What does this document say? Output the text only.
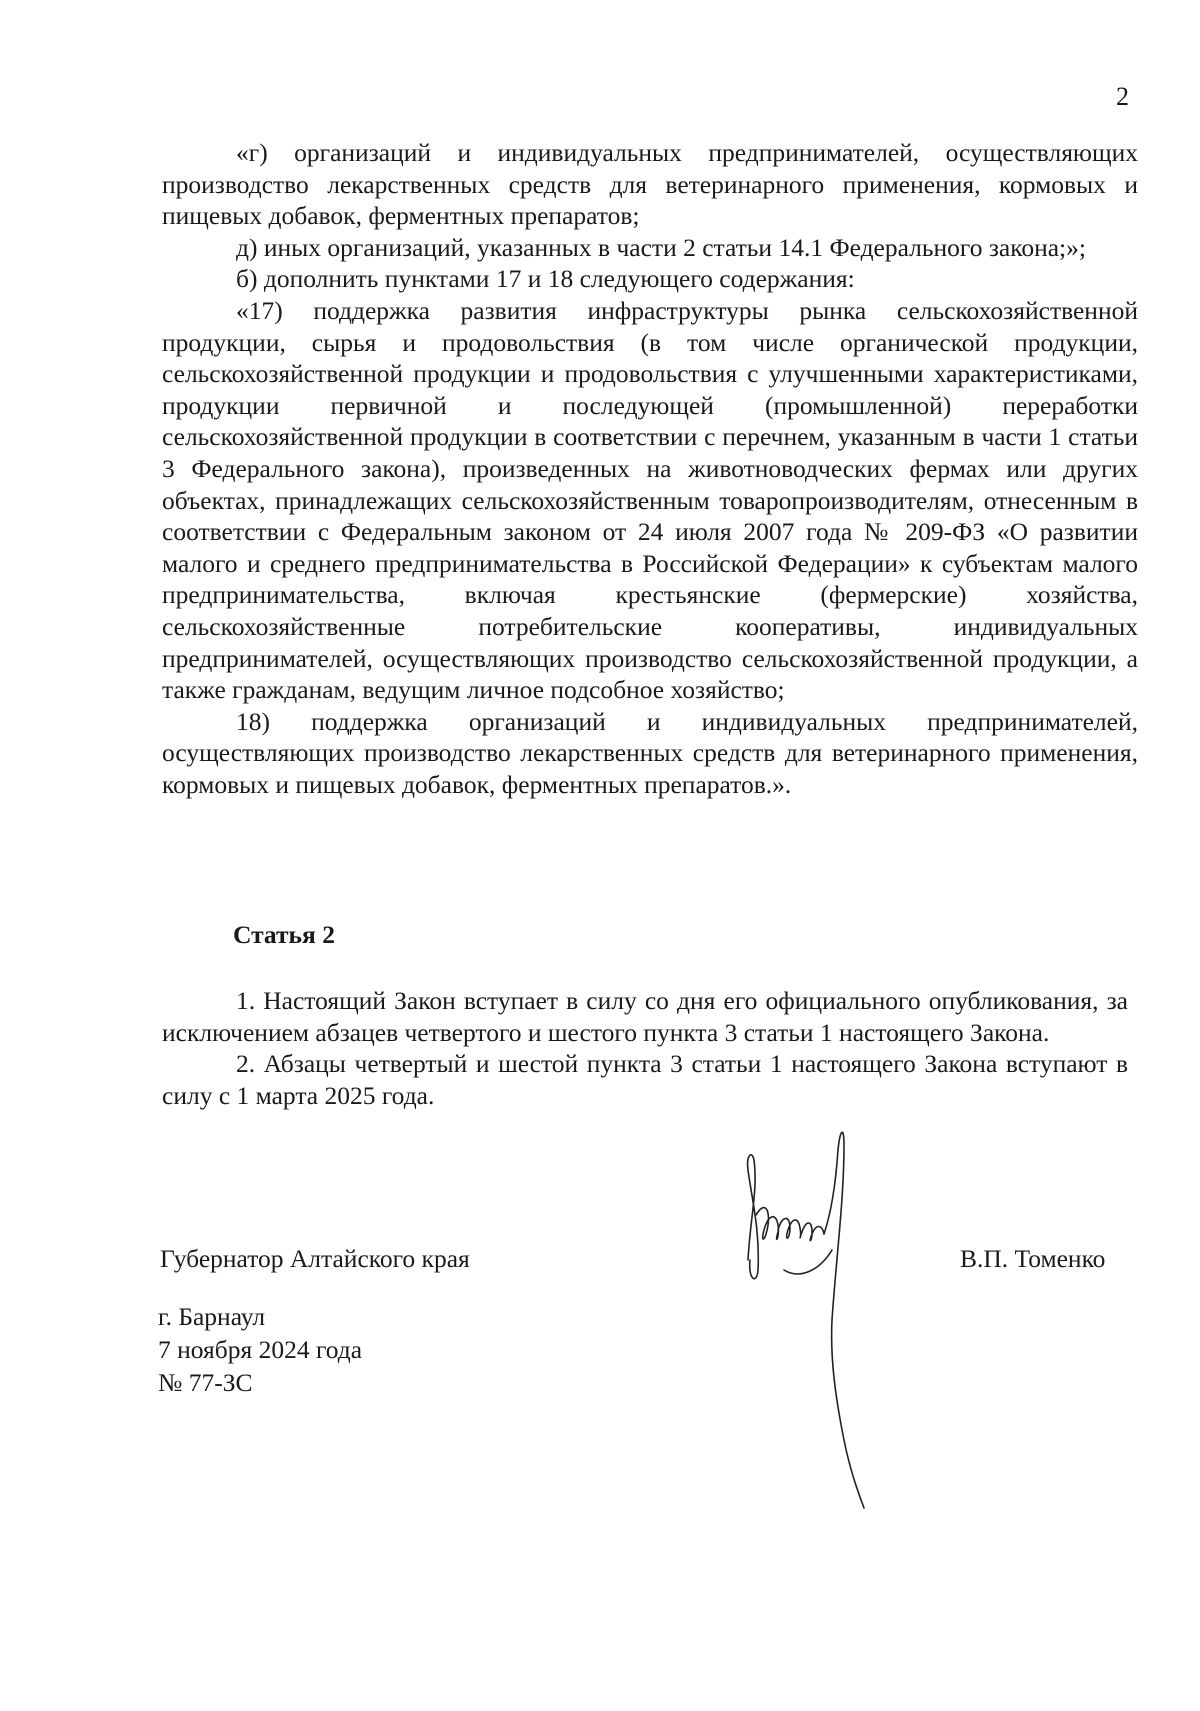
2

«г) организаций и индивидуальных предпринимателей, осуществляющих производство лекарственных средств для ветеринарного применения, кормовых и пищевых добавок, ферментных препаратов;

д) иных организаций, указанных в части 2 статьи 14.1 Федерального закона;»;

б) дополнить пунктами 17 и 18 следующего содержания:

«17) поддержка развития инфраструктуры рынка сельскохозяйственной продукции, сырья и продовольствия (в том числе органической продукции, сельскохозяйственной продукции и продовольствия с улучшенными характеристиками, продукции первичной и последующей (промышленной) переработки сельскохозяйственной продукции в соответствии с перечнем, указанным в части 1 статьи 3 Федерального закона), произведенных на животноводческих фермах или других объектах, принадлежащих сельскохозяйственным товаропроизводителям, отнесенным в соответствии с Федеральным законом от 24 июля 2007 года № 209-ФЗ «О развитии малого и среднего предпринимательства в Российской Федерации» к субъектам малого предпринимательства, включая крестьянские (фермерские) хозяйства, сельскохозяйственные потребительские кооперативы, индивидуальных предпринимателей, осуществляющих производство сельскохозяйственной продукции, а также гражданам, ведущим личное подсобное хозяйство;

18) поддержка организаций и индивидуальных предпринимателей, осуществляющих производство лекарственных средств для ветеринарного применения, кормовых и пищевых добавок, ферментных препаратов.».

Статья 2

1. Настоящий Закон вступает в силу со дня его официального опубликования, за исключением абзацев четвертого и шестого пункта 3 статьи 1 настоящего Закона.

2. Абзацы четвертый и шестой пункта 3 статьи 1 настоящего Закона вступают в силу с 1 марта 2025 года.

Губернатор Алтайского края	В.П. Томенко
г. Барнаул
7 ноября 2024 года
№ 77-ЗС
